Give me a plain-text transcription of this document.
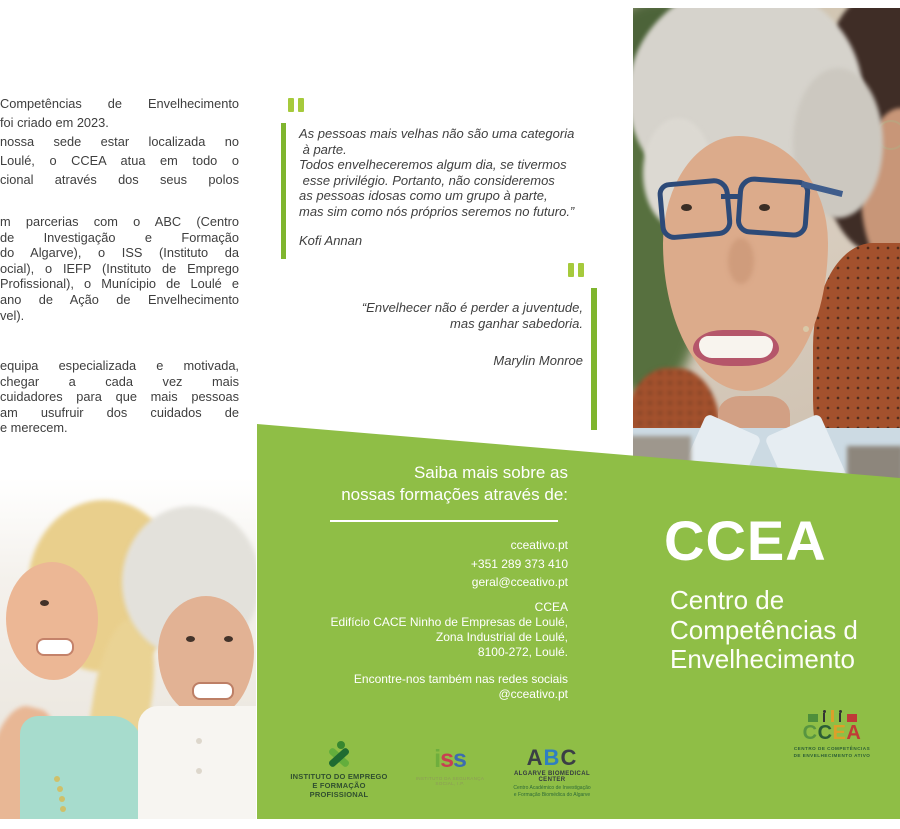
Competências de Envelhecimento
foi criado em 2023.
nossa sede estar localizada no
Loulé, o CCEA atua em todo o
cional através dos seus polos
m parcerias com o ABC (Centro
de Investigação e Formação
do Algarve), o ISS (Instituto da
ocial), o IEFP (Instituto de Emprego
Profissional), o Munícipio de Loulé e
ano de Ação de Envelhecimento
vel).
equipa especializada e motivada,
chegar a cada vez mais
cuidadores para que mais pessoas
am usufruir dos cuidados de
e merecem.
As pessoas mais velhas não são uma categoria
à parte.
Todos envelheceremos algum dia, se tivermos
esse privilégio. Portanto, não consideremos
as pessoas idosas como um grupo à parte,
mas sim como nós próprios seremos no futuro.”
Kofi Annan
“Envelhecer não é perder a juventude,
mas ganhar sabedoria.
Marylin Monroe
Saiba mais sobre as
nossas formações através de:
cceativo.pt
+351 289 373 410
geral@cceativo.pt
CCEA
Edifício CACE Ninho de Empresas de Loulé,
Zona Industrial de Loulé,
8100-272, Loulé.
Encontre-nos também nas redes sociais
@cceativo.pt
INSTITUTO DO EMPREGO
E FORMAÇÃO PROFISSIONAL
iss
INSTITUTO DA SEGURANÇA SOCIAL, I.P.
ABC
ALGARVE BIOMEDICAL CENTER
Centro Académico de Investigação
e Formação Biomédica do Algarve
CCEA
Centro de
Competências d
Envelhecimento
CCEA
CENTRO DE COMPETÊNCIAS
DE ENVELHECIMENTO ATIVO
